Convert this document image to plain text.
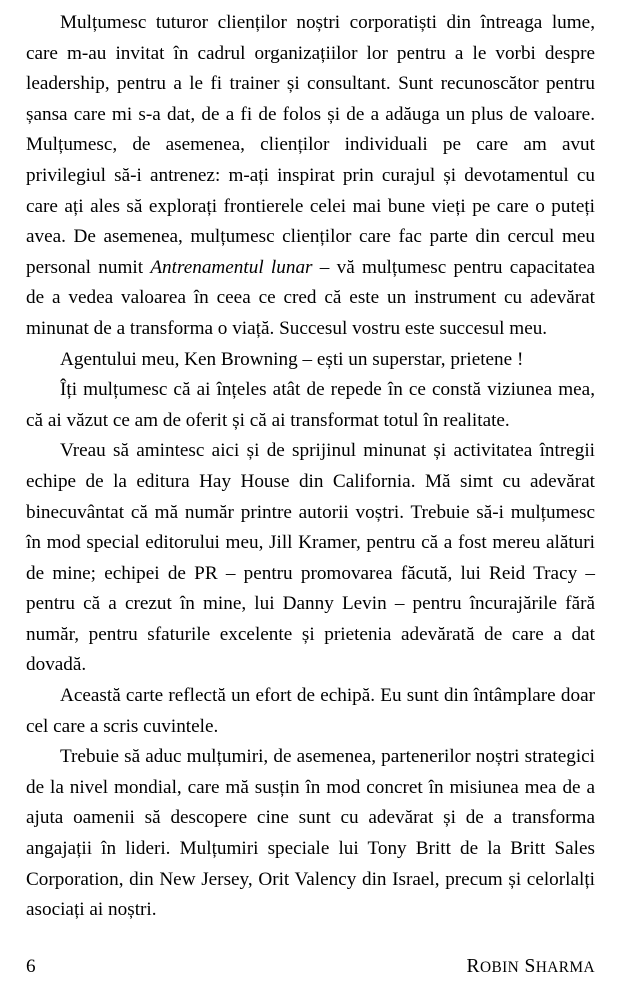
Mulțumesc tuturor clienților noștri corporatiști din întreaga lume, care m-au invitat în cadrul organizațiilor lor pentru a le vorbi despre leadership, pentru a le fi trainer și consultant. Sunt recunoscător pentru șansa care mi s-a dat, de a fi de folos și de a adăuga un plus de valoare. Mulțumesc, de asemenea, clienților individuali pe care am avut privilegiul să-i antrenez: m-ați inspirat prin curajul și devotamentul cu care ați ales să explorați frontierele celei mai bune vieți pe care o puteți avea. De asemenea, mulțumesc clienților care fac parte din cercul meu personal numit Antrenamentul lunar – vă mulțumesc pentru capacitatea de a vedea valoarea în ceea ce cred că este un instrument cu adevărat minunat de a transforma o viață. Succesul vostru este succesul meu.

Agentului meu, Ken Browning – ești un superstar, prietene !

Îți mulțumesc că ai înțeles atât de repede în ce constă viziunea mea, că ai văzut ce am de oferit și că ai transformat totul în realitate.

Vreau să amintesc aici și de sprijinul minunat și activitatea întregii echipe de la editura Hay House din California. Mă simt cu adevărat binecuvântat că mă număr printre autorii voștri. Trebuie să-i mulțumesc în mod special editorului meu, Jill Kramer, pentru că a fost mereu alături de mine; echipei de PR – pentru promovarea făcută, lui Reid Tracy – pentru că a crezut în mine, lui Danny Levin – pentru încurajările fără număr, pentru sfaturile excelente și prietenia adevărată de care a dat dovadă.

Această carte reflectă un efort de echipă. Eu sunt din întâmplare doar cel care a scris cuvintele.

Trebuie să aduc mulțumiri, de asemenea, partenerilor noștri strategici de la nivel mondial, care mă susțin în mod concret în misiunea mea de a ajuta oamenii să descopere cine sunt cu adevărat și de a transforma angajații în lideri. Mulțumiri speciale lui Tony Britt de la Britt Sales Corporation, din New Jersey, Orit Valency din Israel, precum și celorlalți asociați ai noștri.

6	ROBIN SHARMA
